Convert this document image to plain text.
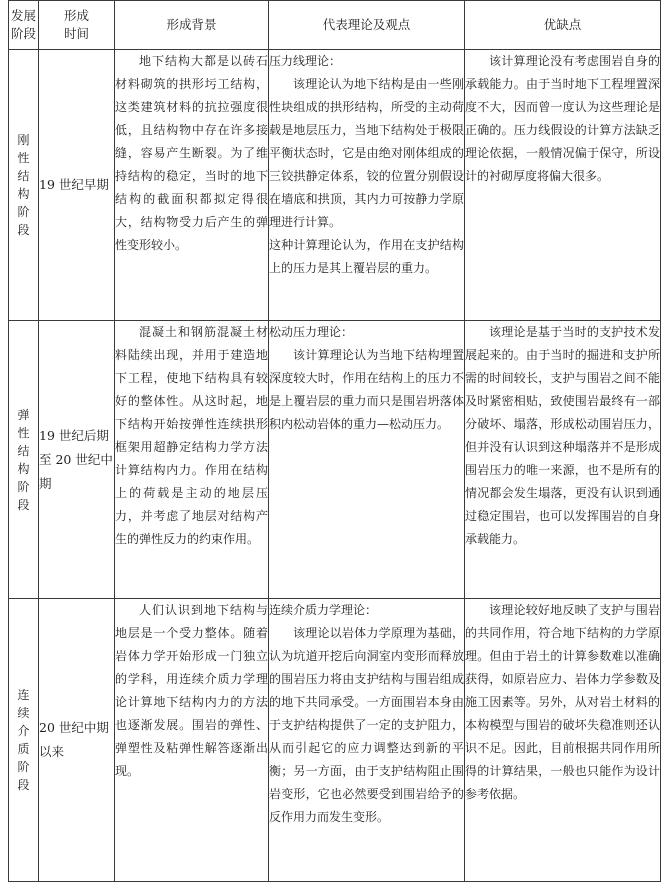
发展阶段	形成时间	形成背景	代表理论及观点	优缺点
刚性结构阶段	19 世纪早期	地下结构大都是以砖石材料砌筑的拱形圬工结构，这类建筑材料的抗拉强度很低，且结构物中存在许多接缝，容易产生断裂。为了维持结构的稳定，当时的地下结构的截面积都拟定得很大，结构物受力后产生的弹性变形较小。	压力线理论：

该理论认为地下结构是由一些刚性块组成的拱形结构，所受的主动荷载是地层压力，当地下结构处于极限平衡状态时，它是由绝对刚体组成的三铰拱静定体系，铰的位置分别假设在墙底和拱顶，其内力可按静力学原理进行计算。

这种计算理论认为，作用在支护结构上的压力是其上覆岩层的重力。	该计算理论没有考虑围岩自身的承载能力。由于当时地下工程埋置深度不大，因而曾一度认为这些理论是正确的。压力线假设的计算方法缺乏理论依据，一般情况偏于保守，所设计的衬砌厚度将偏大很多。

弹性结构阶段	19 世纪后期至 20 世纪中期	混凝土和钢筋混凝土材料陆续出现，并用于建造地下工程，使地下结构具有较好的整体性。从这时起，地下结构开始按弹性连续拱形框架用超静定结构力学方法计算结构内力。作用在结构上的荷载是主动的地层压力，并考虑了地层对结构产生的弹性反力的约束作用。	松动压力理论：

该计算理论认为当地下结构埋置深度较大时，作用在结构上的压力不是上覆岩层的重力而只是围岩坍落体积内松动岩体的重力—松动压力。	该理论是基于当时的支护技术发展起来的。由于当时的掘进和支护所需的时间较长，支护与围岩之间不能及时紧密相贴，致使围岩最终有一部分破坏、塌落，形成松动围岩压力，但并没有认识到这种塌落并不是形成围岩压力的唯一来源，也不是所有的情况都会发生塌落，更没有认识到通过稳定围岩，也可以发挥围岩的自身承载能力。

连续介质阶段	20 世纪中期以来	人们认识到地下结构与地层是一个受力整体。随着岩体力学开始形成一门独立的学科，用连续介质力学理论计算地下结构内力的方法也逐渐发展。围岩的弹性、弹塑性及粘弹性解答逐渐出现。	连续介质力学理论：

该理论以岩体力学原理为基础，认为坑道开挖后向洞室内变形而释放的围岩压力将由支护结构与围岩组成的地下共同承受。一方面围岩本身由于支护结构提供了一定的支护阻力，从而引起它的应力调整达到新的平衡；另一方面，由于支护结构阻止围岩变形，它也必然要受到围岩给予的反作用力而发生变形。	该理论较好地反映了支护与围岩的共同作用，符合地下结构的力学原理。但由于岩土的计算参数难以准确获得，如原岩应力、岩体力学参数及施工因素等。另外，从对岩土材料的本构模型与围岩的破坏失稳准则还认识不足。因此，目前根据共同作用所得的计算结果，一般也只能作为设计参考依据。
